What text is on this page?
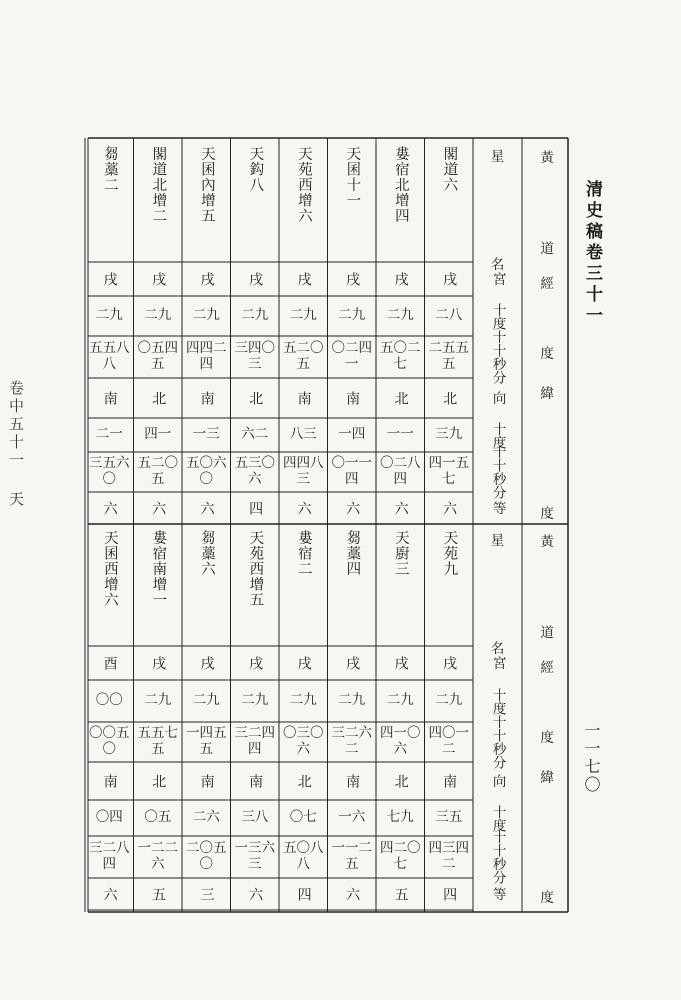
清史稿卷三十一
一一七〇
卷中五十一 天
星
名
宮
十度
十十秒分
向
十度
十十秒分
等
黃
道
經
度
緯
度
閣道六
戌
二八
二五五五
北
三九
四一五七
六
婁宿北增四
戌
二九
五〇二七
北
一一
〇二八四
六
天囷十一
戌
二九
〇二四一
南
一四
〇一一四
六
天苑西增六
戌
二九
五二〇五
南
八三
四四八三
六
天鈎八
戌
二九
三四〇三
北
六二
五三〇六
四
天囷內增五
戌
二九
四四二四
南
一三
五〇六〇
六
閣道北增二
戌
二九
〇五四五
北
四一
五二〇五
六
芻藁二
戌
二九
五五八八
南
二一
三五六〇
六
星
名
宮
十度
十十秒分
向
十度
十十秒分
等
黃
道
經
度
緯
度
天苑九
戌
二九
四〇一二
南
三五
四三四二
四
天廚三
戌
二九
四一〇六
北
七九
四二〇七
五
芻藁四
戌
二九
三二六二
南
一六
一一二五
六
婁宿二
戌
二九
〇三〇六
北
〇七
五〇八八
四
天苑西增五
戌
二九
三二四四
南
三八
一三六三
六
芻藁六
戌
二九
一四五五
南
二六
二〇五〇
三
婁宿南增一
戌
二九
五五七五
北
〇五
一二二六
五
天囷西增六
酉
〇〇
〇〇五〇
南
〇四
三二八四
六
